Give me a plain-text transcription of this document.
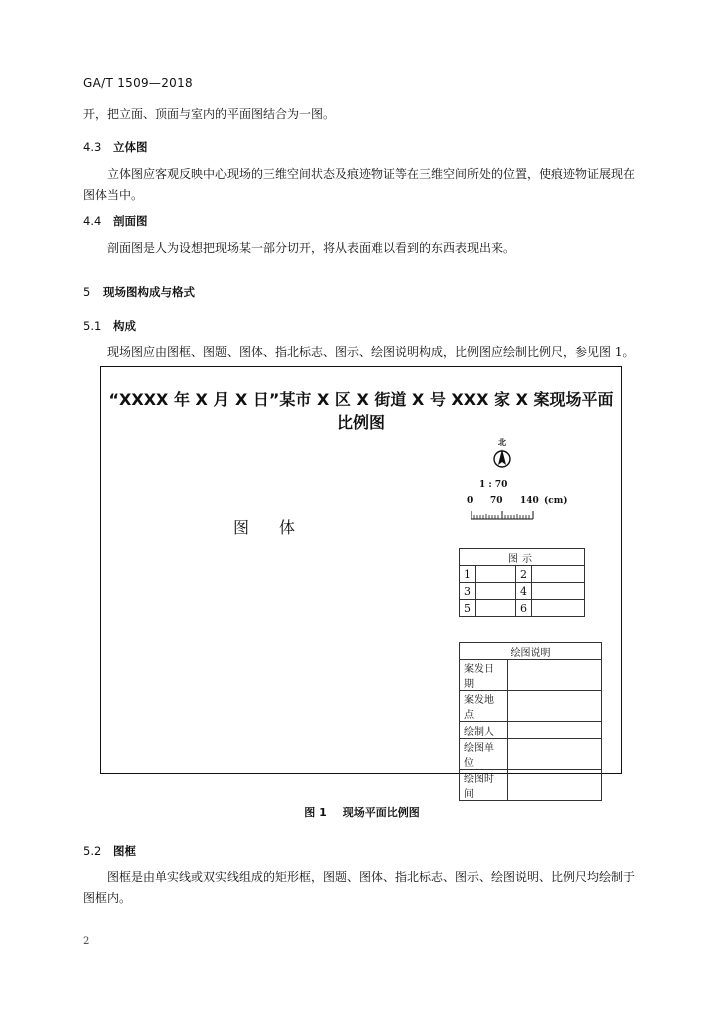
GA/T 1509—2018
开，把立面、顶面与室内的平面图结合为一图。
4.3 立体图
立体图应客观反映中心现场的三维空间状态及痕迹物证等在三维空间所处的位置，使痕迹物证展现在图体当中。
4.4 剖面图
剖面图是人为设想把现场某一部分切开，将从表面难以看到的东西表现出来。
5 现场图构成与格式
5.1 构成
现场图应由图框、图题、图体、指北标志、图示、绘图说明构成，比例图应绘制比例尺，参见图 1。
“XXXX 年 X 月 X 日”某市 X 区 X 街道 X 号 XXX 家 X 案现场平面比例图
图体
北
1 : 70
0 70 140 (cm)
图示			
1		2	
3		4	
5		6	
绘图说明	
案发日期	
案发地点	
绘制人	
绘图单位	
绘图时间	
图 1 现场平面比例图
5.2 图框
图框是由单实线或双实线组成的矩形框，图题、图体、指北标志、图示、绘图说明、比例尺均绘制于图框内。
2
